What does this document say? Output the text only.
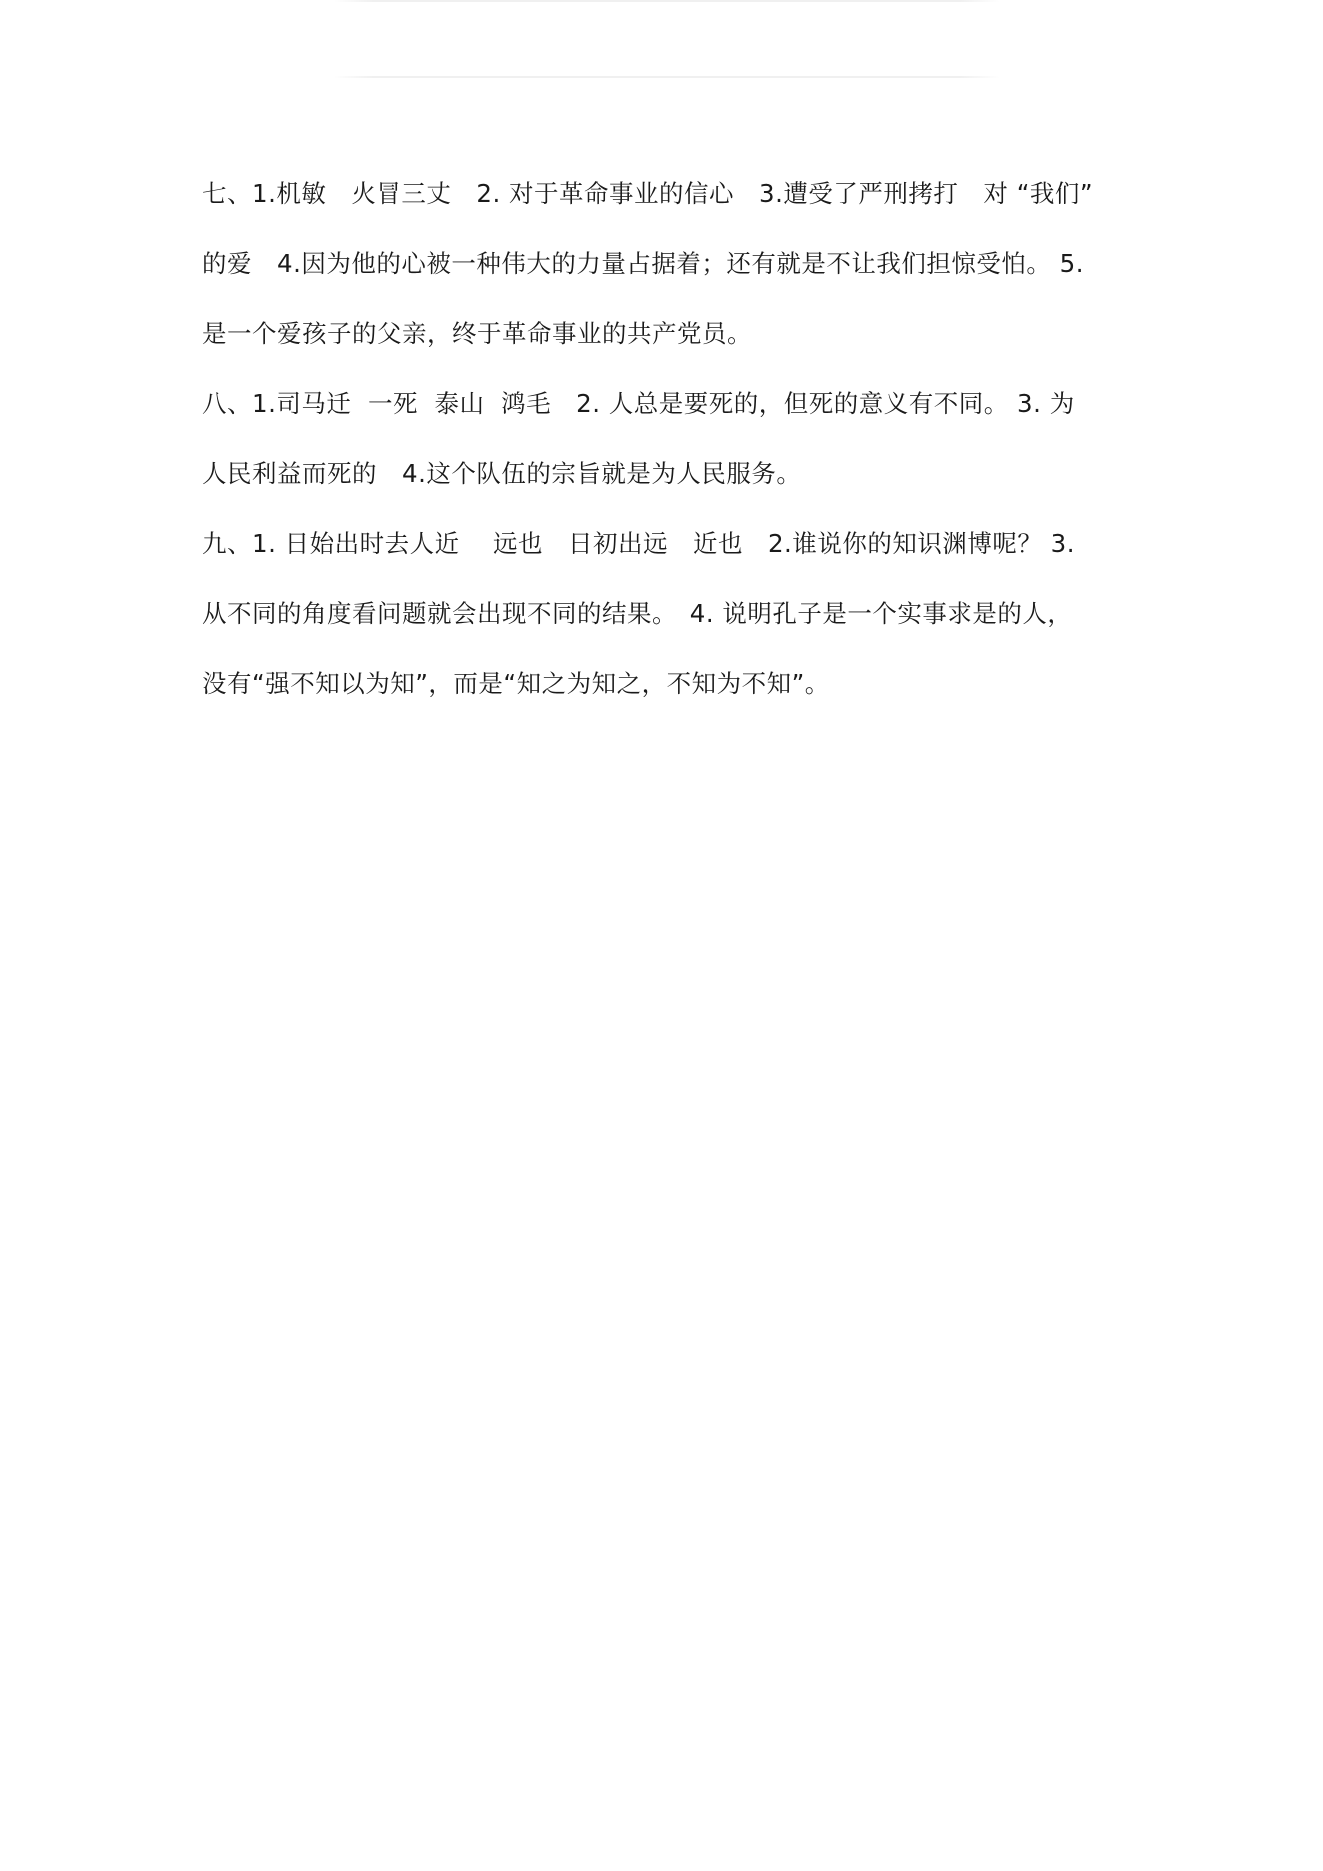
七、1.机敏　火冒三丈　2. 对于革命事业的信心　3.遭受了严刑拷打　对 “我们”
的爱　4.因为他的心被一种伟大的力量占据着；还有就是不让我们担惊受怕。 5.
是一个爱孩子的父亲，终于革命事业的共产党员。
八、1.司马迁  一死  泰山  鸿毛　2. 人总是要死的，但死的意义有不同。 3. 为
人民利益而死的　4.这个队伍的宗旨就是为人民服务。
九、1. 日始出时去人近　 远也　日初出远　近也　2.谁说你的知识渊博呢？ 3.
从不同的角度看问题就会出现不同的结果。　4. 说明孔子是一个实事求是的人，
没有“强不知以为知”，而是“知之为知之，不知为不知”。
